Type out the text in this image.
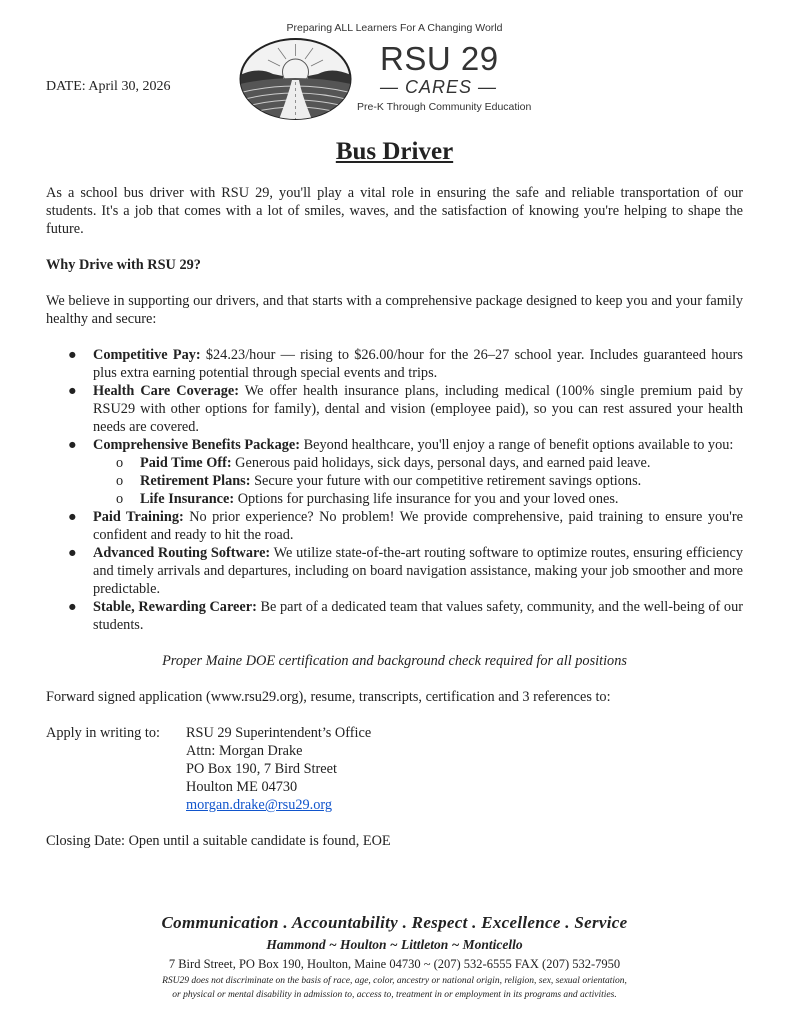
Preparing ALL Learners For A Changing World
RSU 29
— CARES —
Pre-K Through Community Education
DATE: April 30, 2026
Bus Driver

As a school bus driver with RSU 29, you'll play a vital role in ensuring the safe and reliable transportation of our students. It's a job that comes with a lot of smiles, waves, and the satisfaction of knowing you're helping to shape the future.

Why Drive with RSU 29?

We believe in supporting our drivers, and that starts with a comprehensive package designed to keep you and your family healthy and secure:

● Competitive Pay: $24.23/hour — rising to $26.00/hour for the 26–27 school year. Includes guaranteed hours plus extra earning potential through special events and trips.
● Health Care Coverage: We offer health insurance plans, including medical (100% single premium paid by RSU29 with other options for family), dental and vision (employee paid), so you can rest assured your health needs are covered.
● Comprehensive Benefits Package: Beyond healthcare, you'll enjoy a range of benefit options available to you:
o Paid Time Off: Generous paid holidays, sick days, personal days, and earned paid leave.
o Retirement Plans: Secure your future with our competitive retirement savings options.
o Life Insurance: Options for purchasing life insurance for you and your loved ones.
● Paid Training: No prior experience? No problem! We provide comprehensive, paid training to ensure you're confident and ready to hit the road.
● Advanced Routing Software: We utilize state-of-the-art routing software to optimize routes, ensuring efficiency and timely arrivals and departures, including on board navigation assistance, making your job smoother and more predictable.
● Stable, Rewarding Career: Be part of a dedicated team that values safety, community, and the well-being of our students.

Proper Maine DOE certification and background check required for all positions

Forward signed application (www.rsu29.org), resume, transcripts, certification and 3 references to:

Apply in writing to:	RSU 29 Superintendent’s Office
Attn: Morgan Drake
PO Box 190, 7 Bird Street
Houlton ME 04730
morgan.drake@rsu29.org

Closing Date: Open until a suitable candidate is found, EOE

Communication . Accountability . Respect . Excellence . Service
Hammond ~ Houlton ~ Littleton ~ Monticello
7 Bird Street, PO Box 190, Houlton, Maine 04730 ~ (207) 532-6555 FAX (207) 532-7950
RSU29 does not discriminate on the basis of race, age, color, ancestry or national origin, religion, sex, sexual orientation,
or physical or mental disability in admission to, access to, treatment in or employment in its programs and activities.
